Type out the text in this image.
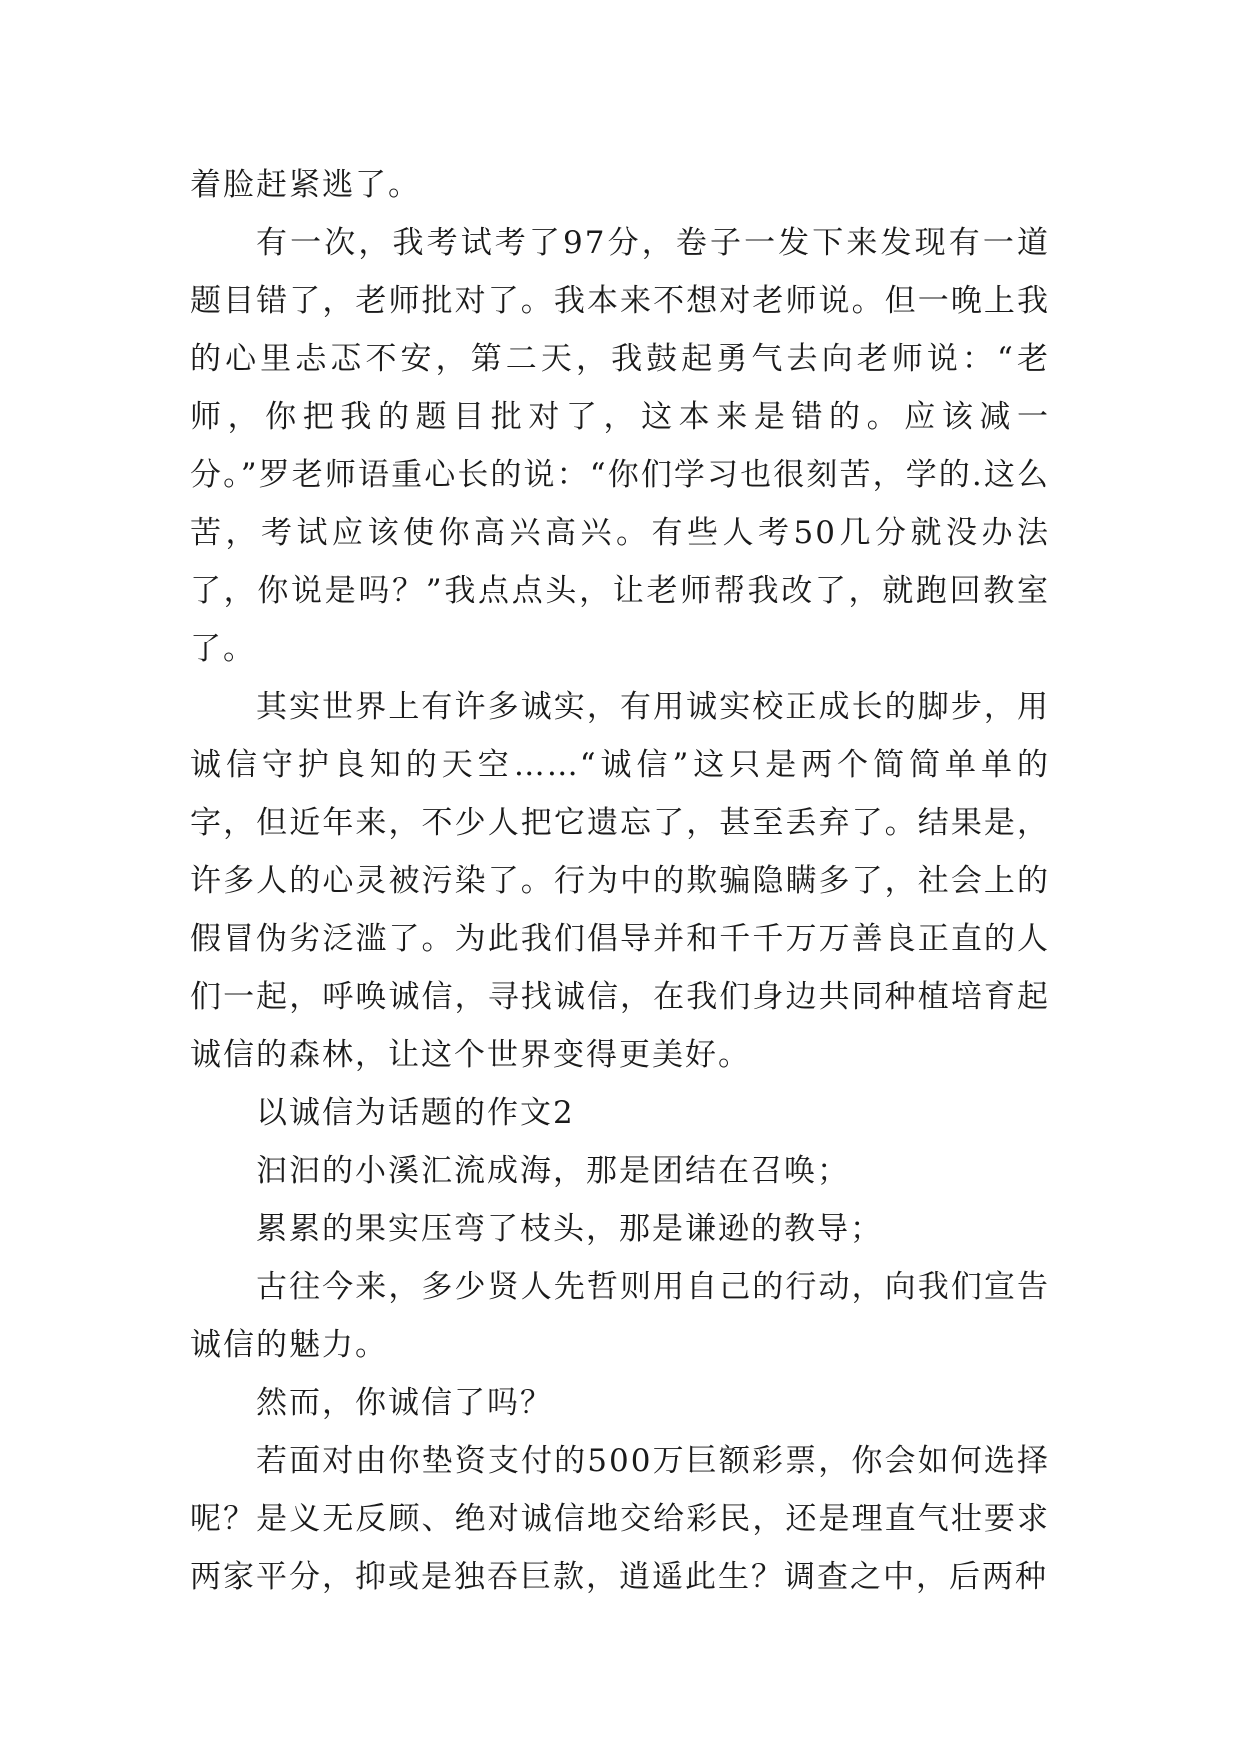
着脸赶紧逃了。

有一次，我考试考了97分，卷子一发下来发现有一道题目错了，老师批对了。我本来不想对老师说。但一晚上我的心里忐忑不安，第二天，我鼓起勇气去向老师说：“老师，你把我的题目批对了，这本来是错的。应该减一分。”罗老师语重心长的说：“你们学习也很刻苦，学的.这么苦，考试应该使你高兴高兴。有些人考50几分就没办法了，你说是吗？”我点点头，让老师帮我改了，就跑回教室了。

其实世界上有许多诚实，有用诚实校正成长的脚步，用诚信守护良知的天空……“诚信”这只是两个简简单单的字，但近年来，不少人把它遗忘了，甚至丢弃了。结果是，许多人的心灵被污染了。行为中的欺骗隐瞒多了，社会上的假冒伪劣泛滥了。为此我们倡导并和千千万万善良正直的人们一起，呼唤诚信，寻找诚信，在我们身边共同种植培育起诚信的森林，让这个世界变得更美好。

以诚信为话题的作文2

汩汩的小溪汇流成海，那是团结在召唤；

累累的果实压弯了枝头，那是谦逊的教导；

古往今来，多少贤人先哲则用自己的行动，向我们宣告诚信的魅力。

然而，你诚信了吗？

若面对由你垫资支付的500万巨额彩票，你会如何选择呢？是义无反顾、绝对诚信地交给彩民，还是理直气壮要求两家平分，抑或是独吞巨款，逍遥此生？调查之中，后两种
